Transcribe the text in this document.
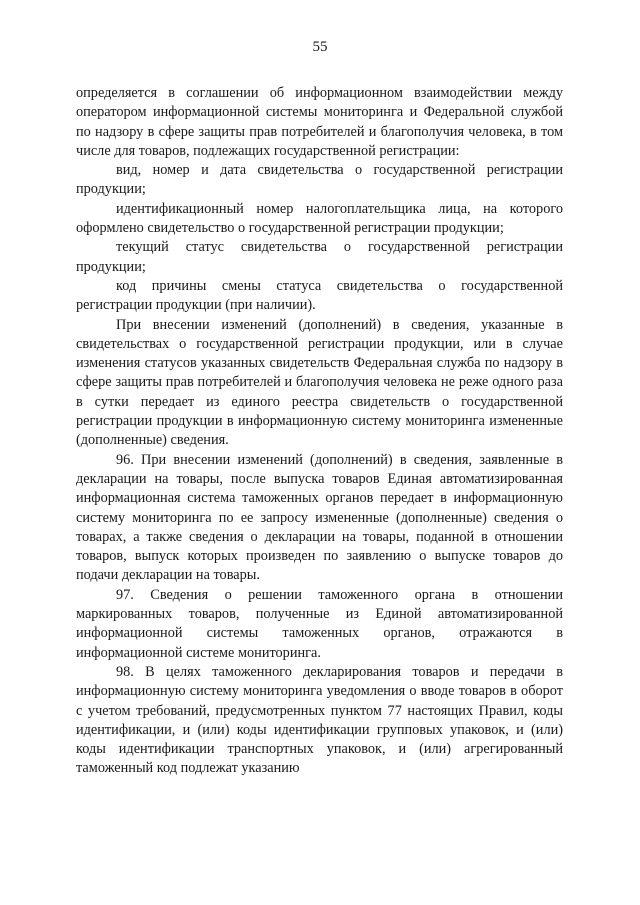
55

определяется в соглашении об информационном взаимодействии между оператором информационной системы мониторинга и Федеральной службой по надзору в сфере защиты прав потребителей и благополучия человека, в том числе для товаров, подлежащих государственной регистрации:

вид, номер и дата свидетельства о государственной регистрации продукции;

идентификационный номер налогоплательщика лица, на которого оформлено свидетельство о государственной регистрации продукции;

текущий статус свидетельства о государственной регистрации продукции;

код причины смены статуса свидетельства о государственной регистрации продукции (при наличии).

При внесении изменений (дополнений) в сведения, указанные в свидетельствах о государственной регистрации продукции, или в случае изменения статусов указанных свидетельств Федеральная служба по надзору в сфере защиты прав потребителей и благополучия человека не реже одного раза в сутки передает из единого реестра свидетельств о государственной регистрации продукции в информационную систему мониторинга измененные (дополненные) сведения.

96. При внесении изменений (дополнений) в сведения, заявленные в декларации на товары, после выпуска товаров Единая автоматизированная информационная система таможенных органов передает в информационную систему мониторинга по ее запросу измененные (дополненные) сведения о товарах, а также сведения о декларации на товары, поданной в отношении товаров, выпуск которых произведен по заявлению о выпуске товаров до подачи декларации на товары.

97. Сведения о решении таможенного органа в отношении маркированных товаров, полученные из Единой автоматизированной информационной системы таможенных органов, отражаются в информационной системе мониторинга.

98. В целях таможенного декларирования товаров и передачи в информационную систему мониторинга уведомления о вводе товаров в оборот с учетом требований, предусмотренных пунктом 77 настоящих Правил, коды идентификации, и (или) коды идентификации групповых упаковок, и (или) коды идентификации транспортных упаковок, и (или) агрегированный таможенный код подлежат указанию
